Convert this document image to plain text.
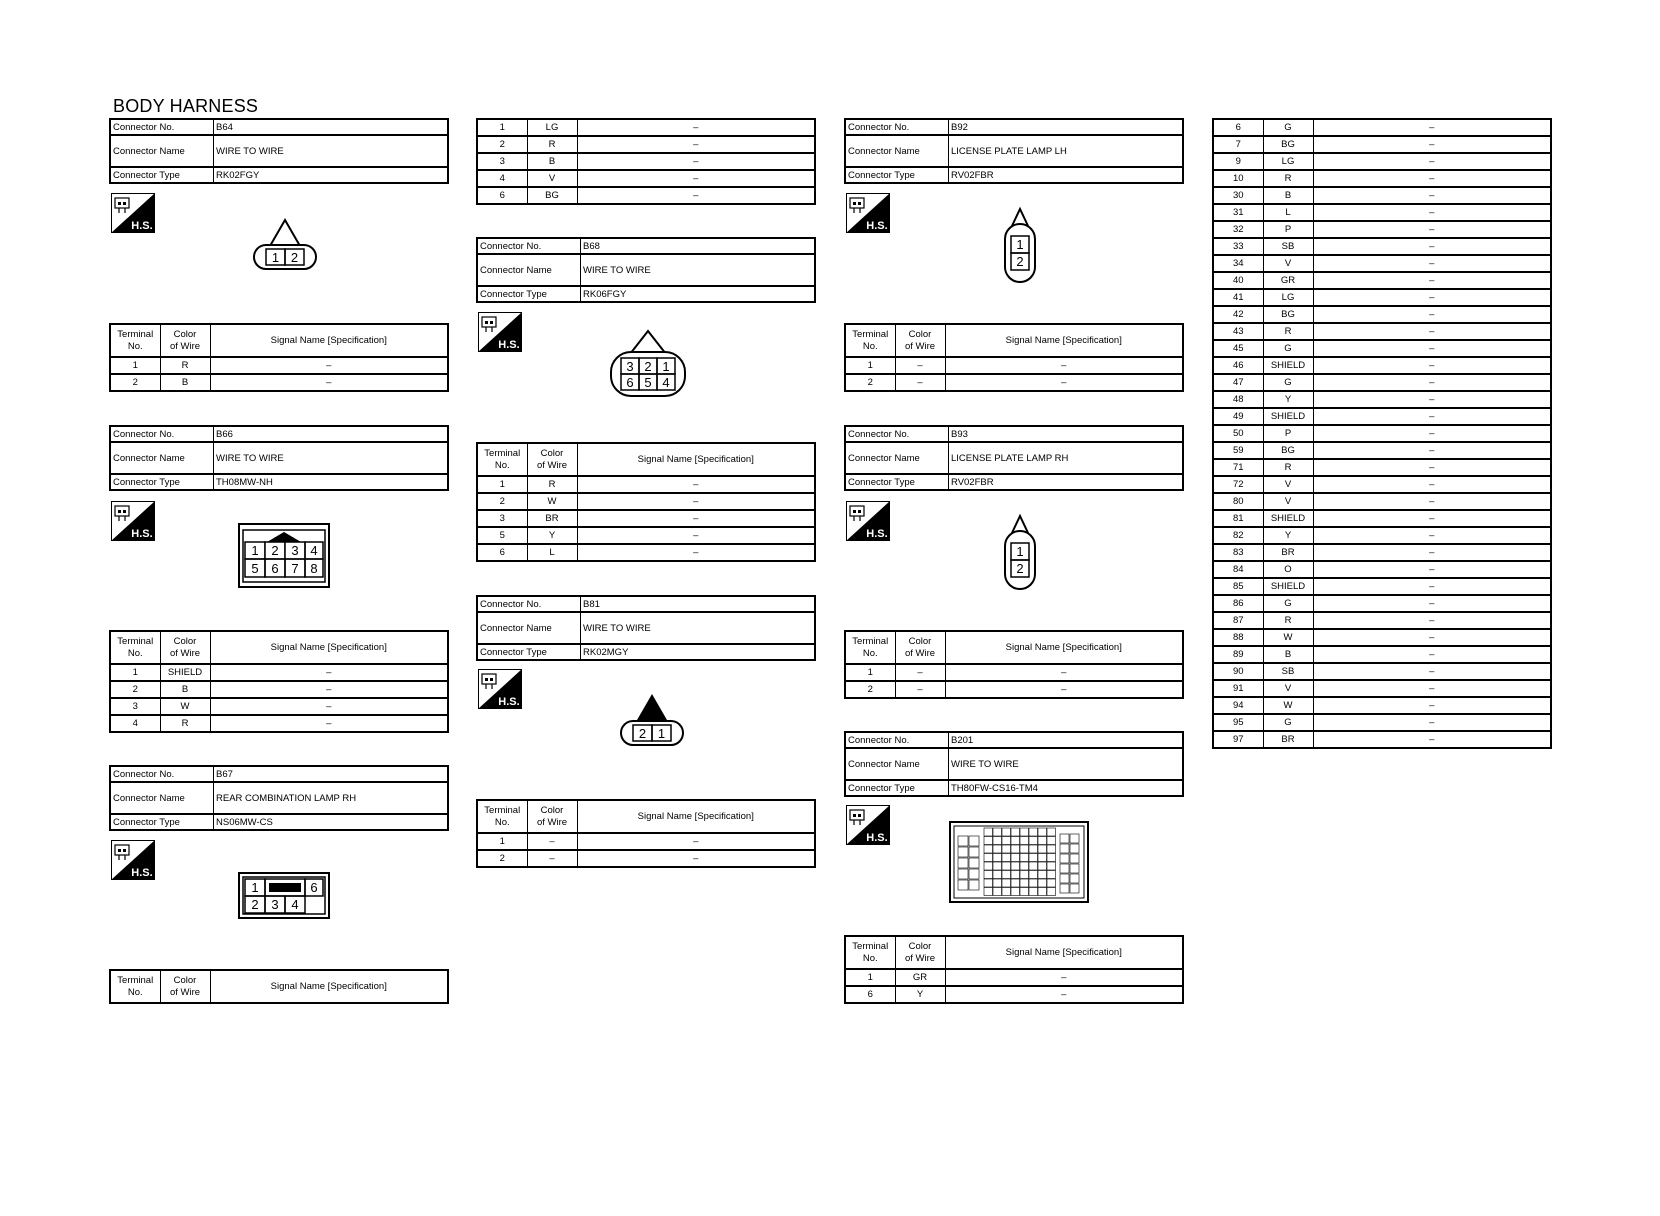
BODY HARNESS
Connector No.	B64
Connector Name	WIRE TO WIRE
Connector Type	RK02FGY
H.S.
1 2
Terminal
No.	Color
of Wire	Signal Name [Specification]
1	R	–
2	B	–
Connector No.	B66
Connector Name	WIRE TO WIRE
Connector Type	TH08MW-NH
H.S.
1 2 3 4
5 6 7 8
Terminal
No.	Color
of Wire	Signal Name [Specification]
1	SHIELD	–
2	B	–
3	W	–
4	R	–
Connector No.	B67
Connector Name	REAR COMBINATION LAMP RH
Connector Type	NS06MW-CS
H.S.
1	6
2 3 4
Terminal
No.	Color
of Wire	Signal Name [Specification]
1	LG	–
2	R	–
3	B	–
4	V	–
6	BG	–
Connector No.	B68
Connector Name	WIRE TO WIRE
Connector Type	RK06FGY
H.S.
3 2 1
6 5 4
Terminal
No.	Color
of Wire	Signal Name [Specification]
1	R	–
2	W	–
3	BR	–
5	Y	–
6	L	–
Connector No.	B81
Connector Name	WIRE TO WIRE
Connector Type	RK02MGY
H.S.
2 1
Terminal
No.	Color
of Wire	Signal Name [Specification]
1	–	–
2	–	–
Connector No.	B92
Connector Name	LICENSE PLATE LAMP LH
Connector Type	RV02FBR
H.S.
1
2
Terminal
No.	Color
of Wire	Signal Name [Specification]
1	–	–
2	–	–
Connector No.	B93
Connector Name	LICENSE PLATE LAMP RH
Connector Type	RV02FBR
H.S.
1
2
Terminal
No.	Color
of Wire	Signal Name [Specification]
1	–	–
2	–	–
Connector No.	B201
Connector Name	WIRE TO WIRE
Connector Type	TH80FW-CS16-TM4
H.S.
Terminal
No.	Color
of Wire	Signal Name [Specification]
1	GR	–
6	Y	–
6	G	–
7	BG	–
9	LG	–
10	R	–
30	B	–
31	L	–
32	P	–
33	SB	–
34	V	–
40	GR	–
41	LG	–
42	BG	–
43	R	–
45	G	–
46	SHIELD	–
47	G	–
48	Y	–
49	SHIELD	–
50	P	–
59	BG	–
71	R	–
72	V	–
80	V	–
81	SHIELD	–
82	Y	–
83	BR	–
84	O	–
85	SHIELD	–
86	G	–
87	R	–
88	W	–
89	B	–
90	SB	–
91	V	–
94	W	–
95	G	–
97	BR	–
